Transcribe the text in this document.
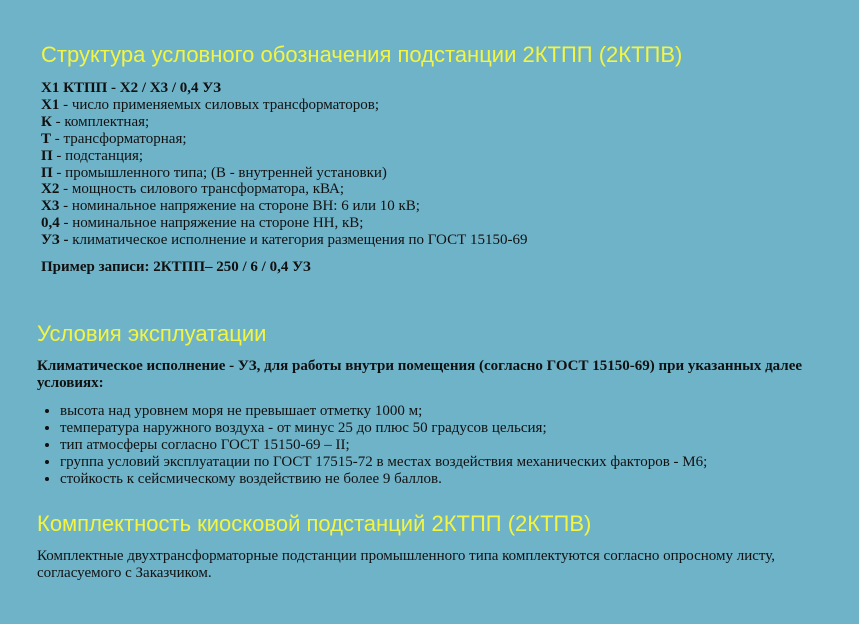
Структура условного обозначения подстанции 2КТПП (2КТПВ)
Х1 КТПП - Х2 / Х3 / 0,4 УЗ
Х1 - число применяемых силовых трансформаторов;
К - комплектная;
Т - трансформаторная;
П - подстанция;
П - промышленного типа; (В - внутренней установки)
Х2 - мощность силового трансформатора, кВА;
Х3 - номинальное напряжение на стороне ВН: 6 или 10 кВ;
0,4 - номинальное напряжение на стороне НН, кВ;
УЗ - климатическое исполнение и категория размещения по ГОСТ 15150-69
Пример записи: 2КТПП– 250 / 6 / 0,4 УЗ
Условия эксплуатации
Климатическое исполнение - УЗ, для работы внутри помещения (согласно ГОСТ 15150-69) при указанных далее условиях:
• высота над уровнем моря не превышает отметку 1000 м;
• температура наружного воздуха - от минус 25 до плюс 50 градусов цельсия;
• тип атмосферы согласно ГОСТ 15150-69 – II;
• группа условий эксплуатации по ГОСТ 17515-72 в местах воздействия механических факторов - М6;
• стойкость к сейсмическому воздействию не более 9 баллов.
Комплектность киосковой подстанций 2КТПП (2КТПВ)
Комплектные двухтрансформаторные подстанции промышленного типа комплектуются согласно опросному листу, согласуемого с Заказчиком.
